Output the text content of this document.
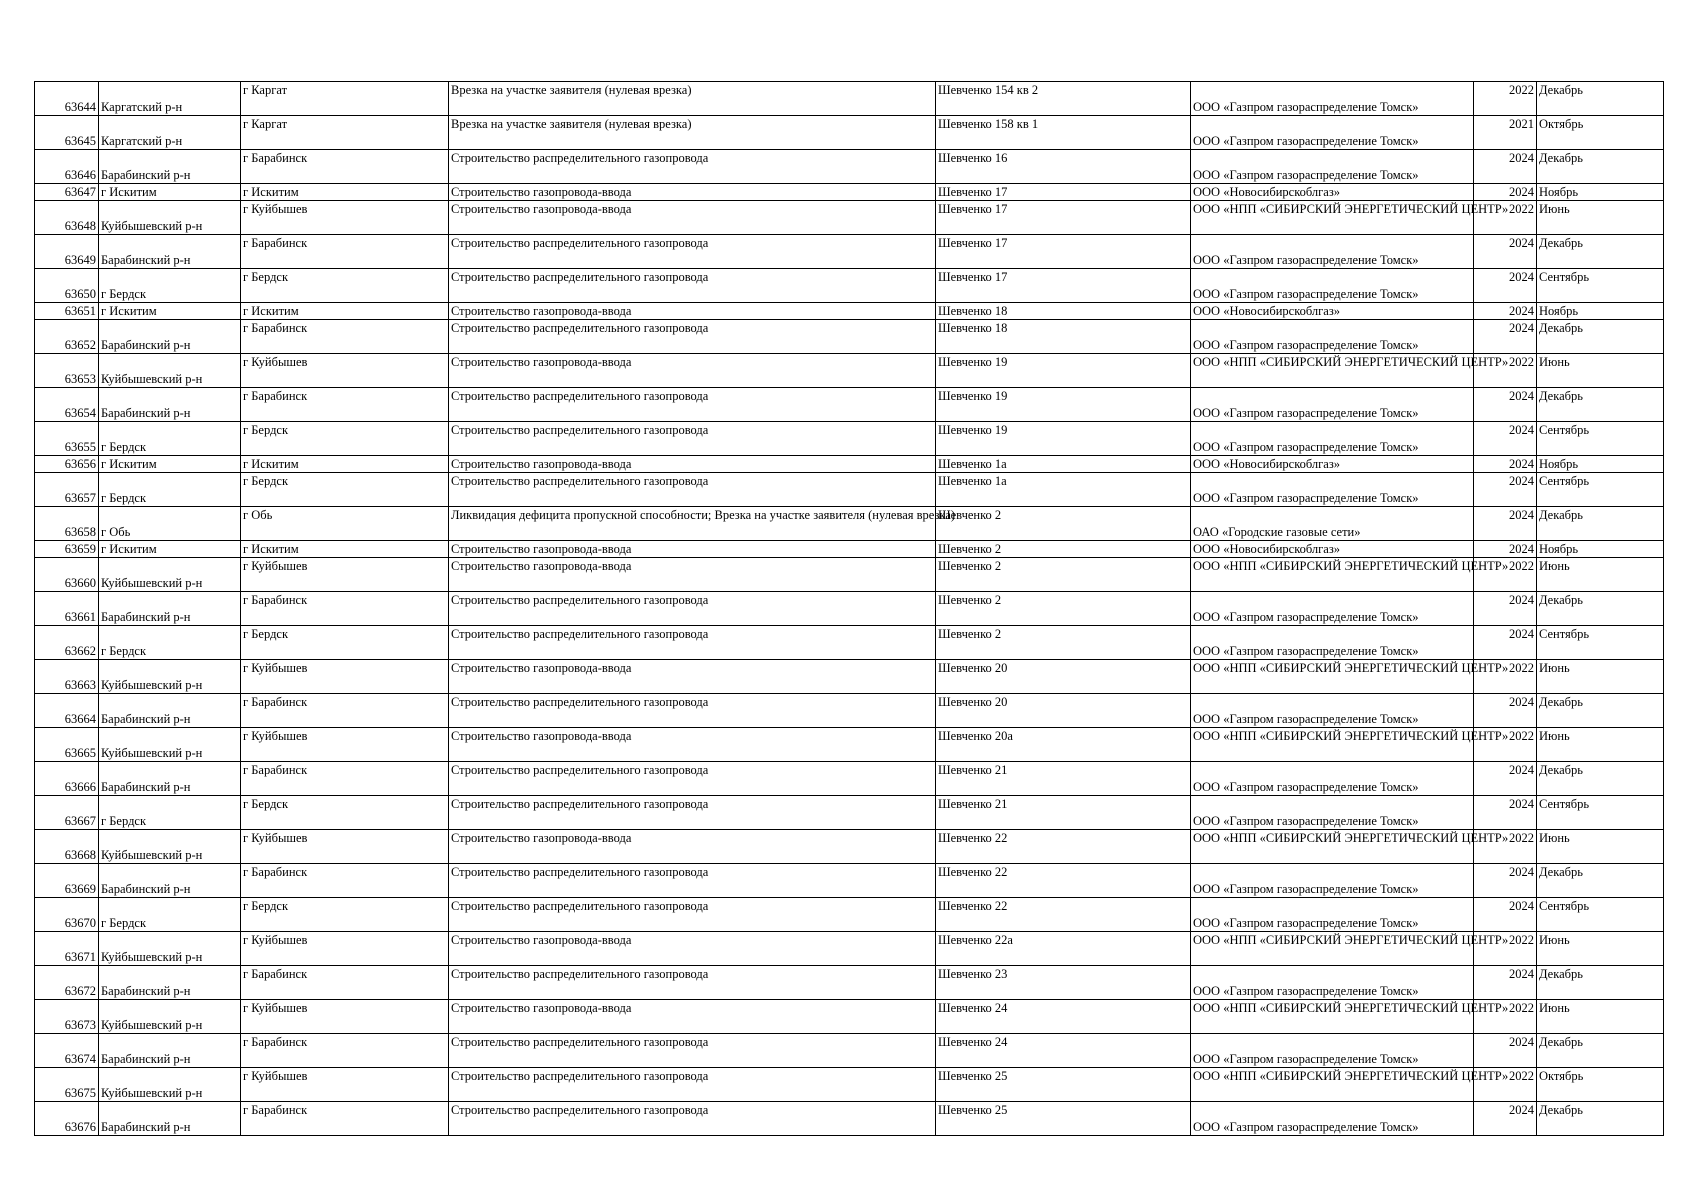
63644	Каргатский р-н	г Каргат	Врезка на участке заявителя (нулевая врезка)	Шевченко 154 кв 2	ООО «Газпром газораспределение Томск»	2022	Декабрь
63645	Каргатский р-н	г Каргат	Врезка на участке заявителя (нулевая врезка)	Шевченко 158 кв 1	ООО «Газпром газораспределение Томск»	2021	Октябрь
63646	Барабинский р-н	г Барабинск	Строительство распределительного газопровода	Шевченко 16	ООО «Газпром газораспределение Томск»	2024	Декабрь
63647	г Искитим	г Искитим	Строительство газопровода-ввода	Шевченко 17	ООО «Новосибирскоблгаз»	2024	Ноябрь
63648	Куйбышевский р-н	г Куйбышев	Строительство газопровода-ввода	Шевченко 17	ООО «НПП «СИБИРСКИЙ ЭНЕРГЕТИЧЕСКИЙ ЦЕНТР»	2022	Июнь
63649	Барабинский р-н	г Барабинск	Строительство распределительного газопровода	Шевченко 17	ООО «Газпром газораспределение Томск»	2024	Декабрь
63650	г Бердск	г Бердск	Строительство распределительного газопровода	Шевченко 17	ООО «Газпром газораспределение Томск»	2024	Сентябрь
63651	г Искитим	г Искитим	Строительство газопровода-ввода	Шевченко 18	ООО «Новосибирскоблгаз»	2024	Ноябрь
63652	Барабинский р-н	г Барабинск	Строительство распределительного газопровода	Шевченко 18	ООО «Газпром газораспределение Томск»	2024	Декабрь
63653	Куйбышевский р-н	г Куйбышев	Строительство газопровода-ввода	Шевченко 19	ООО «НПП «СИБИРСКИЙ ЭНЕРГЕТИЧЕСКИЙ ЦЕНТР»	2022	Июнь
63654	Барабинский р-н	г Барабинск	Строительство распределительного газопровода	Шевченко 19	ООО «Газпром газораспределение Томск»	2024	Декабрь
63655	г Бердск	г Бердск	Строительство распределительного газопровода	Шевченко 19	ООО «Газпром газораспределение Томск»	2024	Сентябрь
63656	г Искитим	г Искитим	Строительство газопровода-ввода	Шевченко 1а	ООО «Новосибирскоблгаз»	2024	Ноябрь
63657	г Бердск	г Бердск	Строительство распределительного газопровода	Шевченко 1а	ООО «Газпром газораспределение Томск»	2024	Сентябрь
63658	г Обь	г Обь	Ликвидация дефицита пропускной способности; Врезка на участке заявителя (нулевая врезка)	Шевченко 2	ОАО «Городские газовые сети»	2024	Декабрь
63659	г Искитим	г Искитим	Строительство газопровода-ввода	Шевченко 2	ООО «Новосибирскоблгаз»	2024	Ноябрь
63660	Куйбышевский р-н	г Куйбышев	Строительство газопровода-ввода	Шевченко 2	ООО «НПП «СИБИРСКИЙ ЭНЕРГЕТИЧЕСКИЙ ЦЕНТР»	2022	Июнь
63661	Барабинский р-н	г Барабинск	Строительство распределительного газопровода	Шевченко 2	ООО «Газпром газораспределение Томск»	2024	Декабрь
63662	г Бердск	г Бердск	Строительство распределительного газопровода	Шевченко 2	ООО «Газпром газораспределение Томск»	2024	Сентябрь
63663	Куйбышевский р-н	г Куйбышев	Строительство газопровода-ввода	Шевченко 20	ООО «НПП «СИБИРСКИЙ ЭНЕРГЕТИЧЕСКИЙ ЦЕНТР»	2022	Июнь
63664	Барабинский р-н	г Барабинск	Строительство распределительного газопровода	Шевченко 20	ООО «Газпром газораспределение Томск»	2024	Декабрь
63665	Куйбышевский р-н	г Куйбышев	Строительство газопровода-ввода	Шевченко 20а	ООО «НПП «СИБИРСКИЙ ЭНЕРГЕТИЧЕСКИЙ ЦЕНТР»	2022	Июнь
63666	Барабинский р-н	г Барабинск	Строительство распределительного газопровода	Шевченко 21	ООО «Газпром газораспределение Томск»	2024	Декабрь
63667	г Бердск	г Бердск	Строительство распределительного газопровода	Шевченко 21	ООО «Газпром газораспределение Томск»	2024	Сентябрь
63668	Куйбышевский р-н	г Куйбышев	Строительство газопровода-ввода	Шевченко 22	ООО «НПП «СИБИРСКИЙ ЭНЕРГЕТИЧЕСКИЙ ЦЕНТР»	2022	Июнь
63669	Барабинский р-н	г Барабинск	Строительство распределительного газопровода	Шевченко 22	ООО «Газпром газораспределение Томск»	2024	Декабрь
63670	г Бердск	г Бердск	Строительство распределительного газопровода	Шевченко 22	ООО «Газпром газораспределение Томск»	2024	Сентябрь
63671	Куйбышевский р-н	г Куйбышев	Строительство газопровода-ввода	Шевченко 22а	ООО «НПП «СИБИРСКИЙ ЭНЕРГЕТИЧЕСКИЙ ЦЕНТР»	2022	Июнь
63672	Барабинский р-н	г Барабинск	Строительство распределительного газопровода	Шевченко 23	ООО «Газпром газораспределение Томск»	2024	Декабрь
63673	Куйбышевский р-н	г Куйбышев	Строительство газопровода-ввода	Шевченко 24	ООО «НПП «СИБИРСКИЙ ЭНЕРГЕТИЧЕСКИЙ ЦЕНТР»	2022	Июнь
63674	Барабинский р-н	г Барабинск	Строительство распределительного газопровода	Шевченко 24	ООО «Газпром газораспределение Томск»	2024	Декабрь
63675	Куйбышевский р-н	г Куйбышев	Строительство распределительного газопровода	Шевченко 25	ООО «НПП «СИБИРСКИЙ ЭНЕРГЕТИЧЕСКИЙ ЦЕНТР»	2022	Октябрь
63676	Барабинский р-н	г Барабинск	Строительство распределительного газопровода	Шевченко 25	ООО «Газпром газораспределение Томск»	2024	Декабрь
